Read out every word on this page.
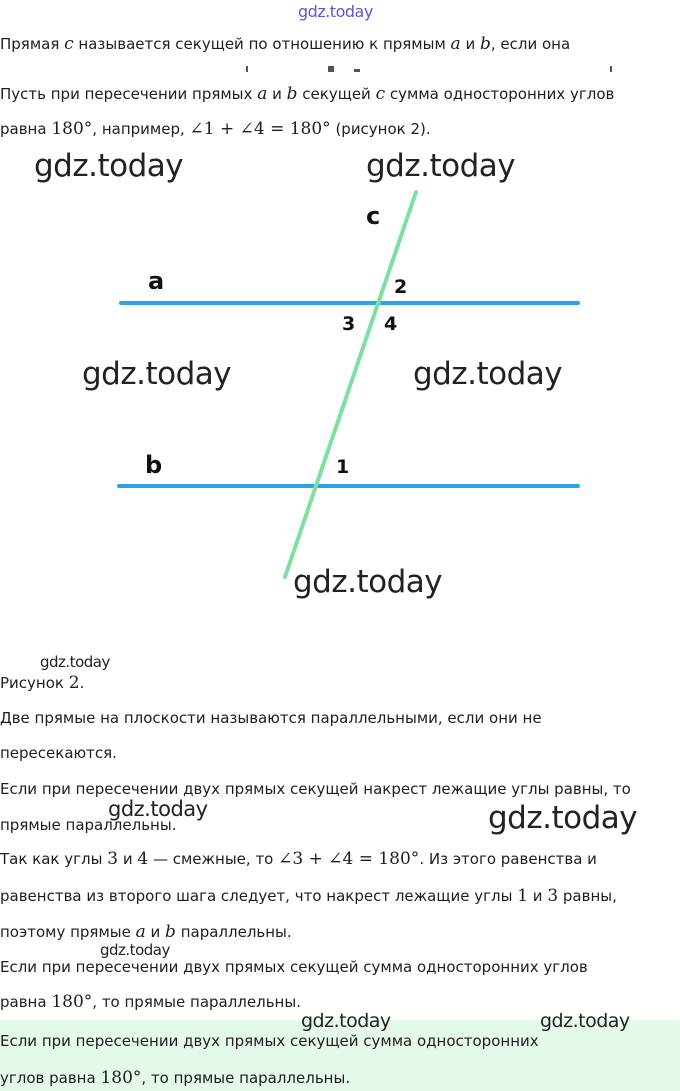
gdz.today
Прямая c называется секущей по отношению к прямым a и b, если она
Пусть при пересечении прямых a и b секущей c сумма односторонних углов
равна 180°, например, ∠1 + ∠4 = 180° (рисунок 2).
c
a
b
2
3 4
1
gdz.today	gdz.today
gdz.today	gdz.today
gdz.today
gdz.today
Рисунок 2.
Две прямые на плоскости называются параллельными, если они не
пересекаются.
Если при пересечении двух прямых секущей накрест лежащие углы равны, то
gdz.today	gdz.today
прямые параллельны.
Так как углы 3 и 4 — смежные, то ∠3 + ∠4 = 180°. Из этого равенства и
равенства из второго шага следует, что накрест лежащие углы 1 и 3 равны,
поэтому прямые a и b параллельны.
gdz.today
Если при пересечении двух прямых секущей сумма односторонних углов
равна 180°, то прямые параллельны.
gdz.today	gdz.today
Если при пересечении двух прямых секущей сумма односторонних
углов равна 180°, то прямые параллельны.
